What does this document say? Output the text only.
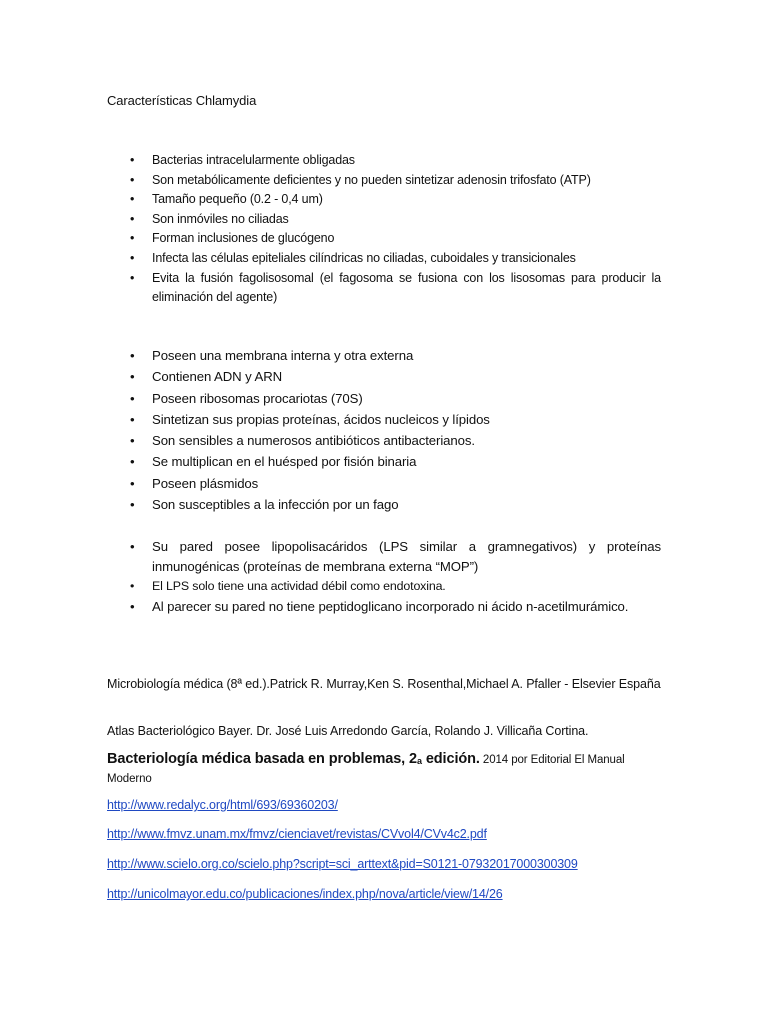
Características Chlamydia
• Bacterias intracelularmente obligadas
• Son metabólicamente deficientes y no pueden sintetizar adenosin trifosfato (ATP)
• Tamaño pequeño (0.2 - 0,4 um)
• Son inmóviles no ciliadas
• Forman inclusiones de glucógeno
• Infecta las células epiteliales cilíndricas no ciliadas, cuboidales y transicionales
• Evita la fusión fagolisosomal (el fagosoma se fusiona con los lisosomas para producir la eliminación del agente)
• Poseen una membrana interna y otra externa
• Contienen ADN y ARN
• Poseen ribosomas procariotas (70S)
• Sintetizan sus propias proteínas, ácidos nucleicos y lípidos
• Son sensibles a numerosos antibióticos antibacterianos.
• Se multiplican en el huésped por fisión binaria
• Poseen plásmidos
• Son susceptibles a la infección por un fago
• Su pared posee lipopolisacáridos (LPS similar a gramnegativos) y proteínas inmunogénicas (proteínas de membrana externa “MOP”)
• El LPS solo tiene una actividad débil como endotoxina.
• Al parecer su pared no tiene peptidoglicano incorporado ni ácido n-acetilmurámico.
Microbiología médica (8ª ed.).Patrick R. Murray,Ken S. Rosenthal,Michael A. Pfaller - Elsevier España
Atlas Bacteriológico Bayer. Dr. José Luis Arredondo García, Rolando J. Villicaña Cortina.
Bacteriología médica basada en problemas, 2a edición. 2014 por Editorial El Manual Moderno
http://www.redalyc.org/html/693/69360203/
http://www.fmvz.unam.mx/fmvz/cienciavet/revistas/CVvol4/CVv4c2.pdf
http://www.scielo.org.co/scielo.php?script=sci_arttext&pid=S0121-07932017000300309
http://unicolmayor.edu.co/publicaciones/index.php/nova/article/view/14/26
